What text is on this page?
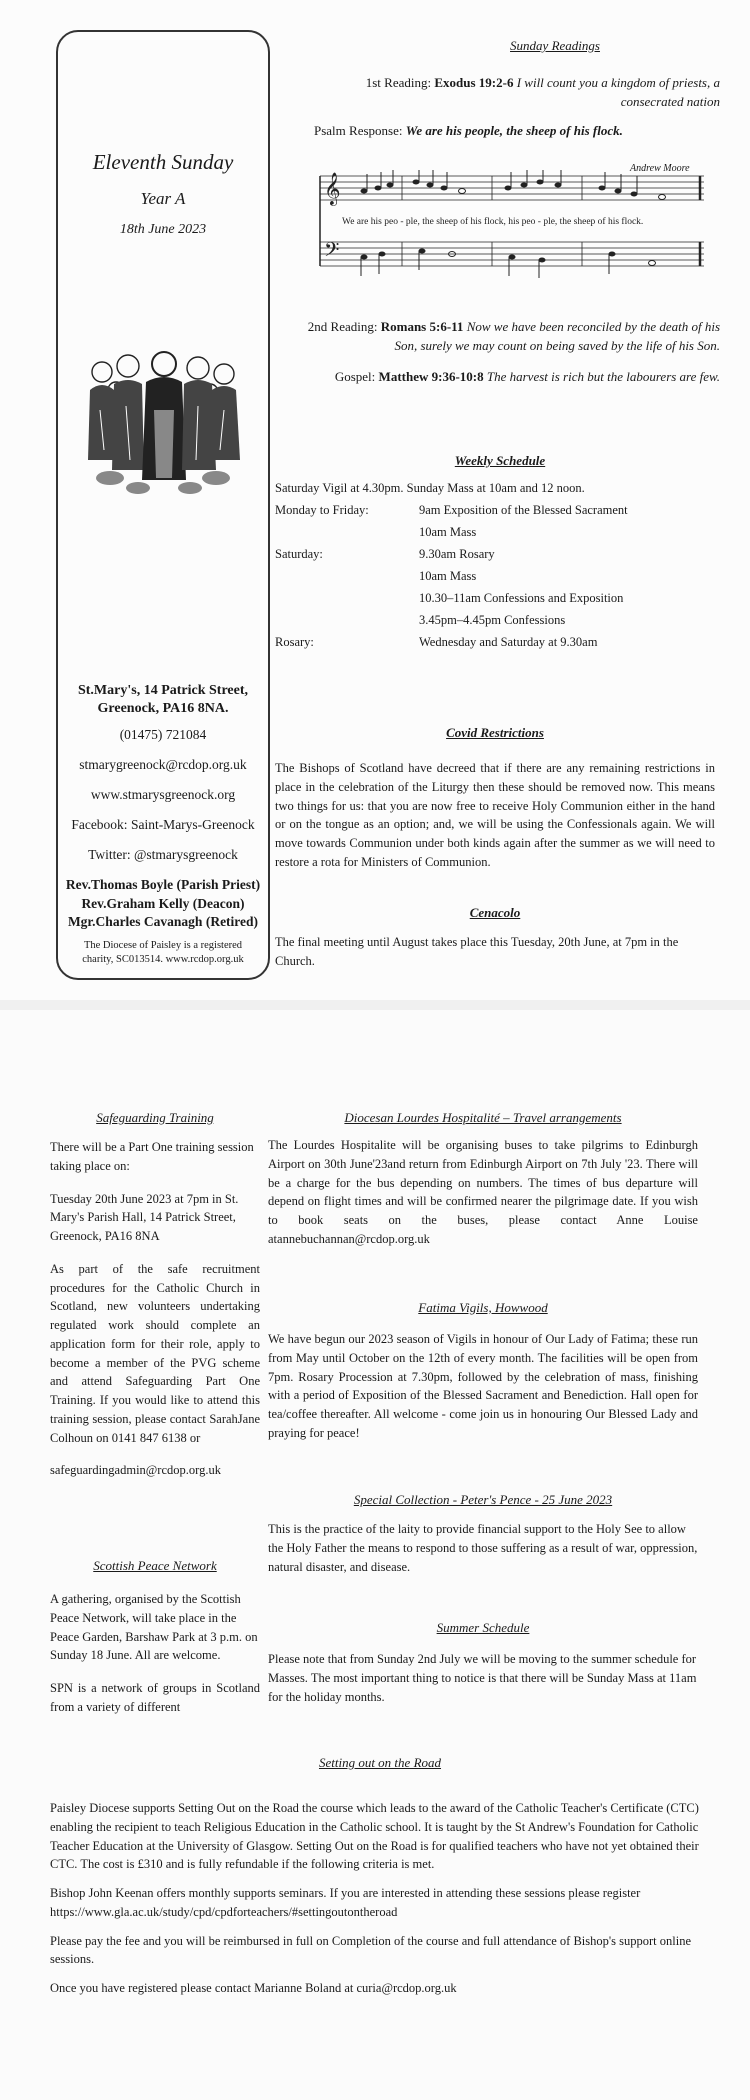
Eleventh Sunday
Year A
18th June 2023
St.Mary's, 14 Patrick Street, Greenock, PA16 8NA.
(01475) 721084
stmarygreenock@rcdop.org.uk
www.stmarysgreenock.org
Facebook: Saint-Marys-Greenock
Twitter: @stmarysgreenock
Rev.Thomas Boyle (Parish Priest)
Rev.Graham Kelly (Deacon)
Mgr.Charles Cavanagh (Retired)
The Diocese of Paisley is a registered charity, SC013514. www.rcdop.org.uk
Sunday Readings
1st Reading: Exodus 19:2-6 I will count you a kingdom of priests, a consecrated nation
Psalm Response: We are his people, the sheep of his flock.
Andrew Moore
𝄞
𝄢
We are his peo - ple, the sheep of his flock, his peo - ple, the sheep of his flock.
2nd Reading: Romans 5:6-11 Now we have been reconciled by the death of his Son, surely we may count on being saved by the life of his Son.
Gospel: Matthew 9:36-10:8 The harvest is rich but the labourers are few.
Weekly Schedule
Saturday Vigil at 4.30pm. Sunday Mass at 10am and 12 noon.
Monday to Friday:	9am Exposition of the Blessed Sacrament
10am Mass
Saturday:	9.30am Rosary
10am Mass
10.30–11am Confessions and Exposition
3.45pm–4.45pm Confessions
Rosary:	Wednesday and Saturday at 9.30am
Covid Restrictions
The Bishops of Scotland have decreed that if there are any remaining restrictions in place in the celebration of the Liturgy then these should be removed now. This means two things for us: that you are now free to receive Holy Communion either in the hand or on the tongue as an option; and, we will be using the Confessionals again. We will move towards Communion under both kinds again after the summer as we will need to restore a rota for Ministers of Communion.
Cenacolo
The final meeting until August takes place this Tuesday, 20th June, at 7pm in the Church.
Safeguarding Training
There will be a Part One training session taking place on:
Tuesday 20th June 2023 at 7pm in St. Mary's Parish Hall, 14 Patrick Street, Greenock, PA16 8NA
As part of the safe recruitment procedures for the Catholic Church in Scotland, new volunteers undertaking regulated work should complete an application form for their role, apply to become a member of the PVG scheme and attend Safeguarding Part One Training. If you would like to attend this training session, please contact SarahJane Colhoun on 0141 847 6138 or
safeguardingadmin@rcdop.org.uk
Scottish Peace Network
A gathering, organised by the Scottish Peace Network, will take place in the Peace Garden, Barshaw Park at 3 p.m. on Sunday 18 June. All are welcome.
SPN is a network of groups in Scotland from a variety of different
Diocesan Lourdes Hospitalité – Travel arrangements
The Lourdes Hospitalite will be organising buses to take pilgrims to Edinburgh Airport on 30th June'23and return from Edinburgh Airport on 7th July '23. There will be a charge for the bus depending on numbers. The times of bus departure will depend on flight times and will be confirmed nearer the pilgrimage date. If you wish to book seats on the buses, please contact Anne Louise atannebuchannan@rcdop.org.uk
Fatima Vigils, Howwood
We have begun our 2023 season of Vigils in honour of Our Lady of Fatima; these run from May until October on the 12th of every month. The facilities will be open from 7pm. Rosary Procession at 7.30pm, followed by the celebration of mass, finishing with a period of Exposition of the Blessed Sacrament and Benediction. Hall open for tea/coffee thereafter. All welcome - come join us in honouring Our Blessed Lady and praying for peace!
Special Collection - Peter's Pence - 25 June 2023
This is the practice of the laity to provide financial support to the Holy See to allow the Holy Father the means to respond to those suffering as a result of war, oppression, natural disaster, and disease.
Summer Schedule
Please note that from Sunday 2nd July we will be moving to the summer schedule for Masses. The most important thing to notice is that there will be Sunday Mass at 11am for the holiday months.
Setting out on the Road
Paisley Diocese supports Setting Out on the Road the course which leads to the award of the Catholic Teacher's Certificate (CTC) enabling the recipient to teach Religious Education in the Catholic school. It is taught by the St Andrew's Foundation for Catholic Teacher Education at the University of Glasgow. Setting Out on the Road is for qualified teachers who have not yet obtained their CTC. The cost is £310 and is fully refundable if the following criteria is met.
Bishop John Keenan offers monthly supports seminars. If you are interested in attending these sessions please register https://www.gla.ac.uk/study/cpd/cpdforteachers/#settingoutontheroad
Please pay the fee and you will be reimbursed in full on Completion of the course and full attendance of Bishop's support online sessions.
Once you have registered please contact Marianne Boland at curia@rcdop.org.uk
